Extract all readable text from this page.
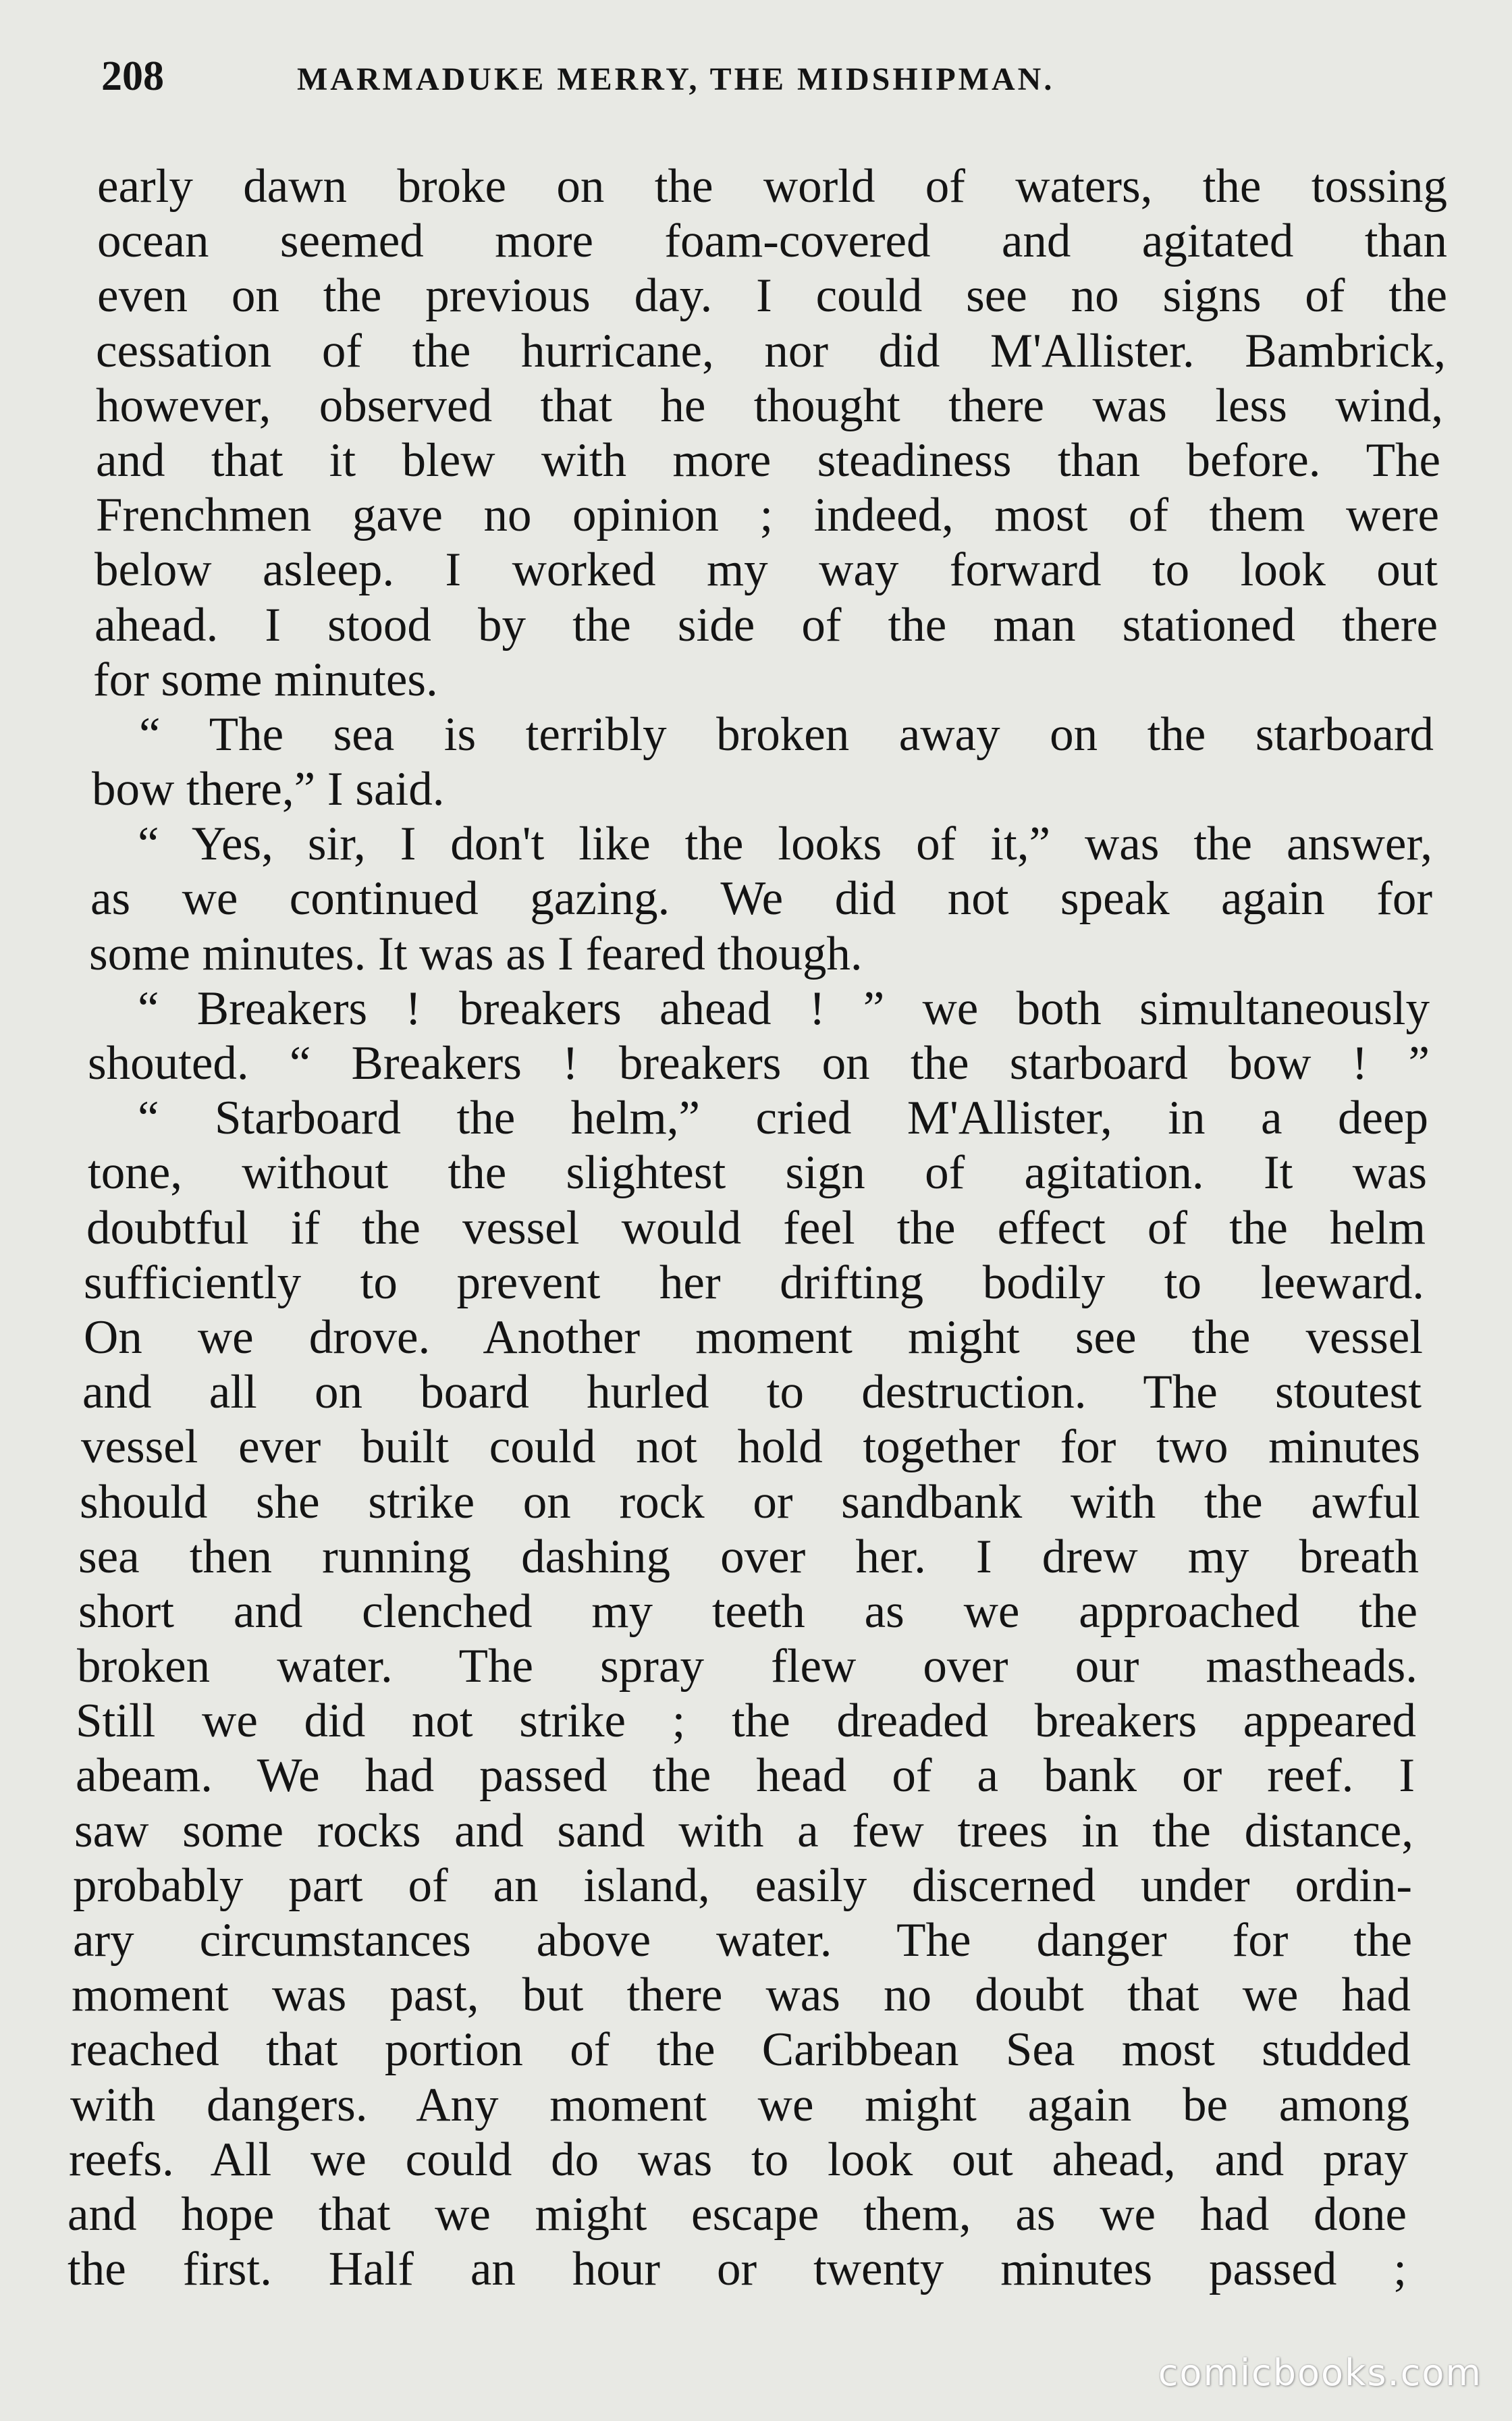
208	MARMADUKE MERRY, THE MIDSHIPMAN.
early dawn broke on the world of waters, the tossing
ocean seemed more foam-covered and agitated than
even on the previous day. I could see no signs of the
cessation of the hurricane, nor did M'Allister. Bambrick,
however, observed that he thought there was less wind,
and that it blew with more steadiness than before. The
Frenchmen gave no opinion ; indeed, most of them were
below asleep. I worked my way forward to look out
ahead. I stood by the side of the man stationed there
for some minutes.
“ The sea is terribly broken away on the starboard
bow there,” I said.
“ Yes, sir, I don't like the looks of it,” was the answer,
as we continued gazing. We did not speak again for
some minutes. It was as I feared though.
“ Breakers ! breakers ahead ! ” we both simultaneously
shouted. “ Breakers ! breakers on the starboard bow ! ”
“ Starboard the helm,” cried M'Allister, in a deep
tone, without the slightest sign of agitation. It was
doubtful if the vessel would feel the effect of the helm
sufficiently to prevent her drifting bodily to leeward.
On we drove. Another moment might see the vessel
and all on board hurled to destruction. The stoutest
vessel ever built could not hold together for two minutes
should she strike on rock or sandbank with the awful
sea then running dashing over her. I drew my breath
short and clenched my teeth as we approached the
broken water. The spray flew over our mastheads.
Still we did not strike ; the dreaded breakers appeared
abeam. We had passed the head of a bank or reef. I
saw some rocks and sand with a few trees in the distance,
probably part of an island, easily discerned under ordin-
ary circumstances above water. The danger for the
moment was past, but there was no doubt that we had
reached that portion of the Caribbean Sea most studded
with dangers. Any moment we might again be among
reefs. All we could do was to look out ahead, and pray
and hope that we might escape them, as we had done
the first. Half an hour or twenty minutes passed ;
comicbooks.com
